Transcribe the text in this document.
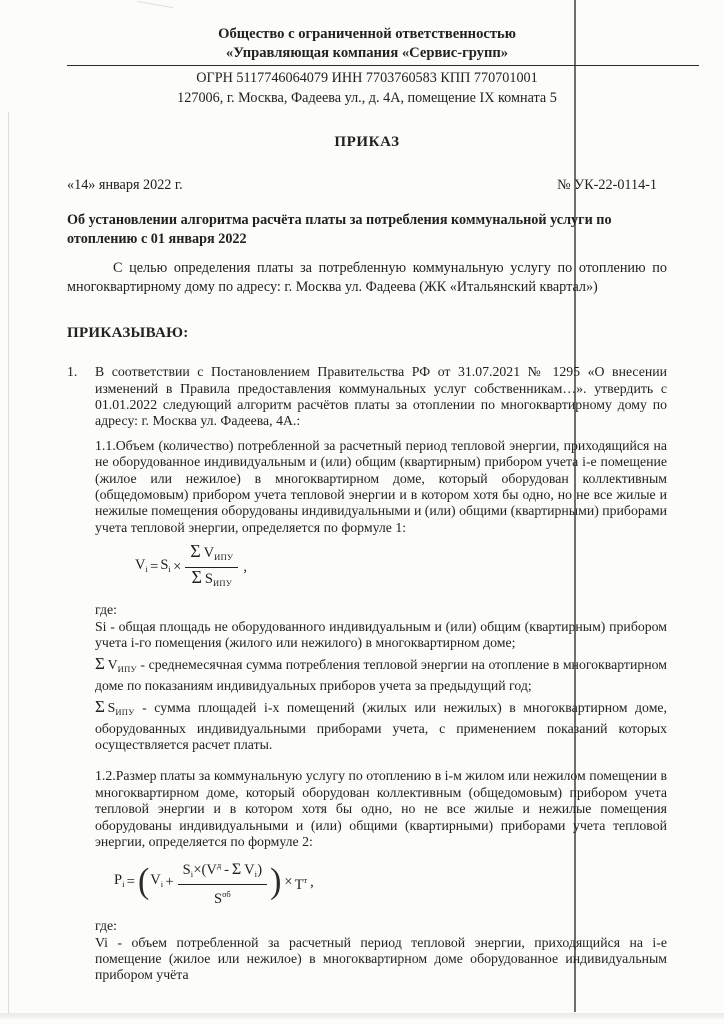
Общество с ограниченной ответственностью
«Управляющая компания «Сервис-групп»
ОГРН 5117746064079 ИНН 7703760583 КПП 770701001
127006, г. Москва, Фадеева ул., д. 4А, помещение IX комната 5
ПРИКАЗ
«14» января 2022 г.	№ УК-22-0114-1
Об установлении алгоритма расчёта платы за потребления коммунальной услуги по отоплению с 01 января 2022
С целью определения платы за потребленную коммунальную услугу по отоплению по многоквартирному дому по адресу: г. Москва ул. Фадеева (ЖК «Итальянский квартал»)
ПРИКАЗЫВАЮ:
1.	В соответствии с Постановлением Правительства РФ от 31.07.2021 № 1295 «О внесении изменений в Правила предоставления коммунальных услуг собственникам…». утвердить с 01.01.2022 следующий алгоритм расчётов платы за отоплении по многоквартирному дому по адресу: г. Москва ул. Фадеева, 4А.:
1.1.Объем (количество) потребленной за расчетный период тепловой энергии, приходящийся на не оборудованное индивидуальным и (или) общим (квартирным) прибором учета i-е помещение (жилое или нежилое) в многоквартирном доме, который оборудован коллективным (общедомовым) прибором учета тепловой энергии и в котором хотя бы одно, но не все жилые и нежилые помещения оборудованы индивидуальными и (или) общими (квартирными) приборами учета тепловой энергии, определяется по формуле 1:
$V_i = S_i \times \frac{\Sigma V_{ИПУ}}{\Sigma S_{ИПУ}}$ ,
где:
Si - общая площадь не оборудованного индивидуальным и (или) общим (квартирным) прибором учета i-го помещения (жилого или нежилого) в многоквартирном доме;
Σ  $V_{ИПУ}$ - среднемесячная сумма потребления тепловой энергии на отопление в многоквартирном доме по показаниям индивидуальных приборов учета за предыдущий год;
Σ  $S_{ИПУ}$ - сумма площадей i-х помещений (жилых или нежилых) в многоквартирном доме, оборудованных индивидуальными приборами учета, с применением показаний которых осуществляется расчет платы.
1.2.Размер платы за коммунальную услугу по отоплению в i-м жилом или нежилом помещении в многоквартирном доме, который оборудован коллективным (общедомовым) прибором учета тепловой энергии и в котором хотя бы одно, но не все жилые и нежилые помещения оборудованы индивидуальными и (или) общими (квартирными) приборами учета тепловой энергии, определяется по формуле 2:
$P_i$ = ( $V_i + \frac{S_i\times(V^д - \Sigma V_i)}{S^{об}}$ ) × $T^т$ ,
где:
Vi - объем потребленной за расчетный период тепловой энергии, приходящийся на i-е помещение (жилое или нежилое) в многоквартирном доме оборудованное индивидуальным прибором учёта
